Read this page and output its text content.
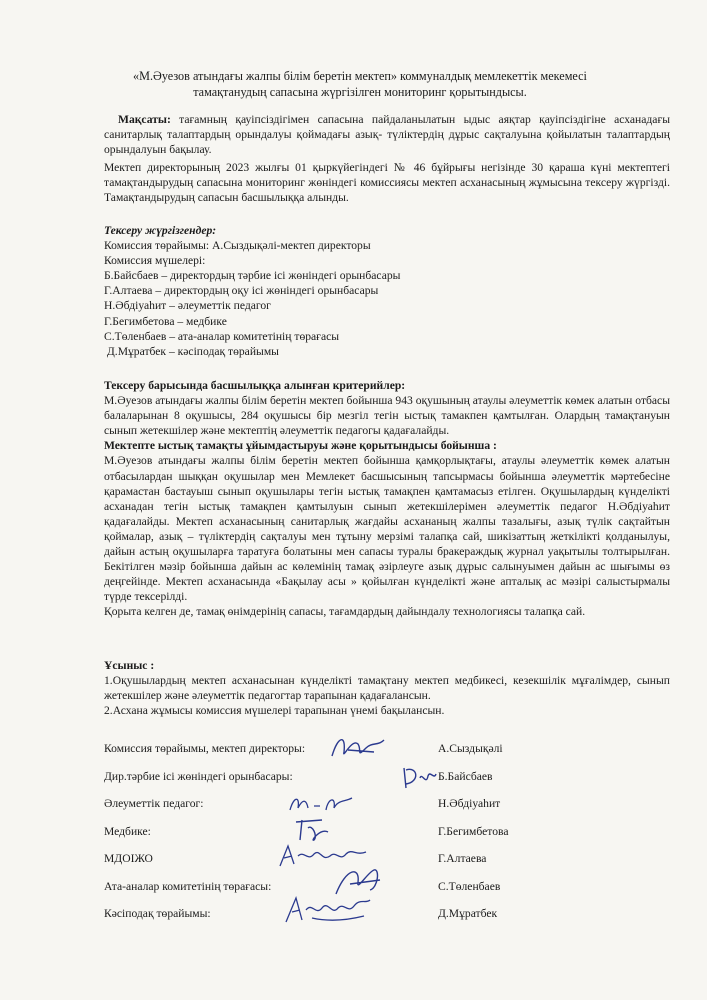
«М.Әуезов атындағы жалпы білім беретін мектеп» коммуналдық мемлекеттік мекемесі
тамақтанудың сапасына жүргізілген мониторинг қорытындысы.
Мақсаты: тағамның қауіпсіздігімен сапасына пайдаланылатын ыдыс аяқтар қауіпсіздігіне асханадағы санитарлық талаптардың орындалуы қоймадағы азық- түліктердің дұрыс сақталуына қойылатын талаптардың орындалуын бақылау.
Мектеп директорының 2023 жылғы 01 қыркүйегіндегі № 46 бұйрығы негізінде 30 қараша күні мектептегі тамақтандырудың сапасына мониторинг жөніндегі комиссиясы мектеп асханасының жұмысына тексеру жүргізді. Тамақтандырудың сапасын басшылыққа алынды.

Тексеру жүргізгендер:

Комиссия төрайымы: А.Сыздықәлі-мектеп директоры

Комиссия мүшелері:

Б.Байсбаев – директордың тәрбие ісі жөніндегі орынбасары

Г.Алтаева – директордың оқу ісі жөніндегі орынбасары

Н.Әбдіуаһит – әлеуметтік педагог

Г.Бегимбетова – медбике

С.Төленбаев – ата-аналар комитетінің төрағасы

Д.Мұратбек – кәсіподақ төрайымы

Тексеру барысында басшылыққа алынған критерийлер:

М.Әуезов атындағы жалпы білім беретін мектеп бойынша 943 оқушының атаулы әлеуметтік көмек алатын отбасы балаларынан 8 оқушысы, 284 оқушысы бір мезгіл тегін ыстық тамакпен қамтылған. Олардың тамақтануын сынып жетекшілер және мектептің әлеуметтік педагогы қадағалайды.

Мектепте ыстық тамақты ұйымдастыруы және қорытындысы бойынша :

М.Әуезов атындағы жалпы білім беретін мектеп бойынша қамқорлықтағы, атаулы әлеуметтік көмек алатын отбасылардан шыққан оқушылар мен Мемлекет басшысының тапсырмасы бойынша әлеуметтік мәртебесіне қарамастан бастауыш сынып оқушылары тегін ыстық тамақпен қамтамасыз етілген. Оқушылардың күнделікті асханадан тегін ыстық тамақпен қамтылуын сынып жетекшілерімен әлеуметтік педагог Н.Әбдіуаһит қадағалайды. Мектеп асханасының санитарлық жағдайы асхананың жалпы тазалығы, азық түлік сақтайтын қоймалар, азық – түліктердің сақталуы мен тұтыну мерзімі талапқа сай, шикізаттың жеткілікті қолданылуы, дайын астың оқушыларға таратуға болатыны мен сапасы туралы бракераждық журнал уақытылы толтырылған. Бекітілген мәзір бойынша дайын ас көлемінің тамақ әзірлеуге азық дұрыс салынуымен дайын ас шығымы өз деңгейінде. Мектеп асханасында «Бақылау асы » қойылған күнделікті және апталық ас мәзірі салыстырмалы түрде тексерілді.

Қорыта келген де, тамақ өнімдерінің сапасы, тағамдардың дайындалу технологиясы талапқа сай.

Ұсыныс :

1.Оқушылардың мектеп асханасынан күнделікті тамақтану мектеп медбикесі, кезекшілік мұғалімдер, сынып жетекшілер және әлеуметтік педагогтар тарапынан қадағалансын.

2.Асхана жұмысы комиссия мүшелері тарапынан үнемі бақылансын.

Комиссия төрайымы, мектеп директоры:	А.Сыздықәлі
Дир.тәрбие ісі жөніндегі орынбасары:	Б.Байсбаев
Әлеуметтік педагог:	Н.Әбдіуаһит
Медбике:	Г.Бегимбетова
МДОІЖО	Г.Алтаева
Ата-аналар комитетінің төрағасы:	С.Төленбаев
Кәсіподақ төрайымы:	Д.Мұратбек
